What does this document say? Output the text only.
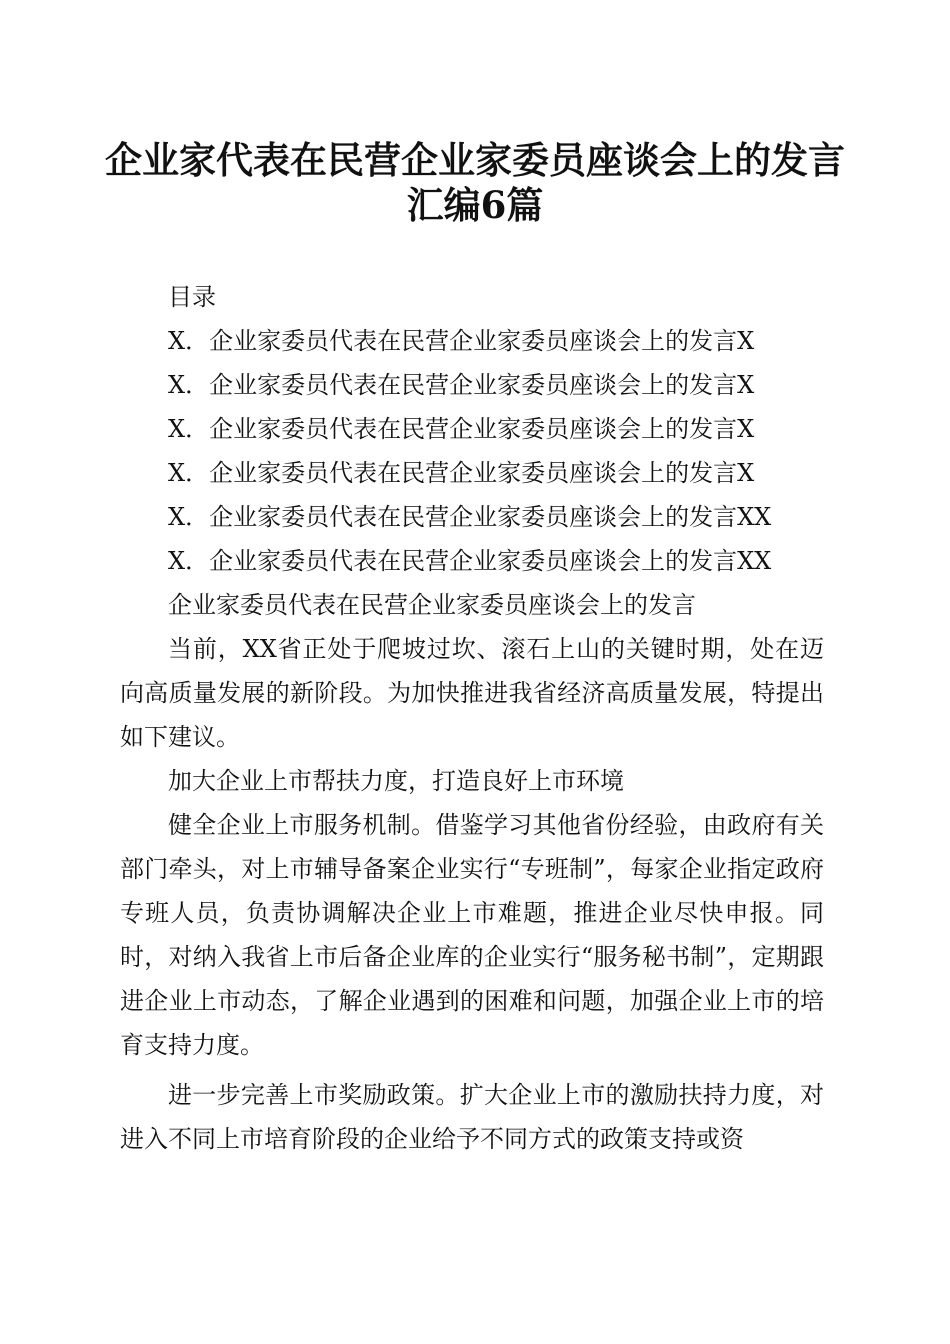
企业家代表在民营企业家委员座谈会上的发言
汇编6篇

目录

X．企业家委员代表在民营企业家委员座谈会上的发言X

X．企业家委员代表在民营企业家委员座谈会上的发言X

X．企业家委员代表在民营企业家委员座谈会上的发言X

X．企业家委员代表在民营企业家委员座谈会上的发言X

X．企业家委员代表在民营企业家委员座谈会上的发言XX

X．企业家委员代表在民营企业家委员座谈会上的发言XX

企业家委员代表在民营企业家委员座谈会上的发言

当前，XX省正处于爬坡过坎、滚石上山的关键时期，处在迈向高质量发展的新阶段。为加快推进我省经济高质量发展，特提出如下建议。

加大企业上市帮扶力度，打造良好上市环境

健全企业上市服务机制。借鉴学习其他省份经验，由政府有关部门牵头，对上市辅导备案企业实行“专班制”，每家企业指定政府专班人员，负责协调解决企业上市难题，推进企业尽快申报。同时，对纳入我省上市后备企业库的企业实行“服务秘书制”，定期跟进企业上市动态，了解企业遇到的困难和问题，加强企业上市的培育支持力度。

进一步完善上市奖励政策。扩大企业上市的激励扶持力度，对进入不同上市培育阶段的企业给予不同方式的政策支持或资
